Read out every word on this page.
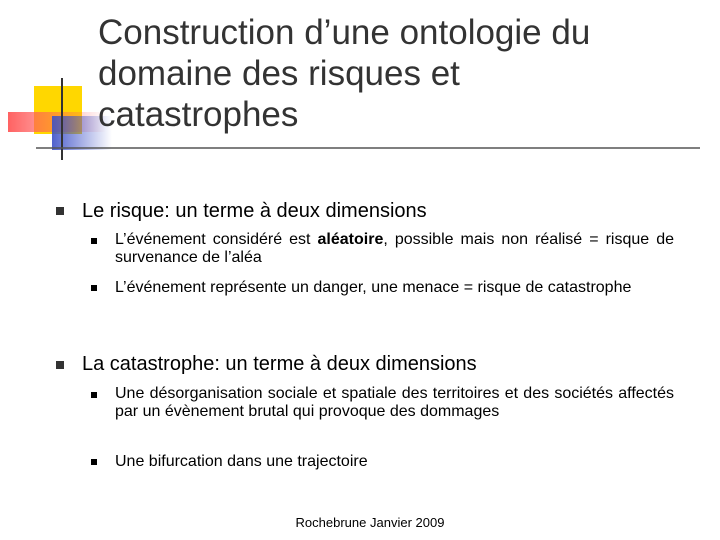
Construction d’une ontologie du
domaine des risques et
catastrophes
Le risque: un terme à deux dimensions
L’événement considéré est aléatoire, possible mais non réalisé = risque de survenance de l’aléa
L’événement représente un danger, une menace = risque de catastrophe
La catastrophe: un terme à deux dimensions
Une désorganisation sociale et spatiale des territoires et des sociétés affectés par un évènement brutal qui provoque des dommages
Une bifurcation dans une trajectoire
Rochebrune Janvier 2009
